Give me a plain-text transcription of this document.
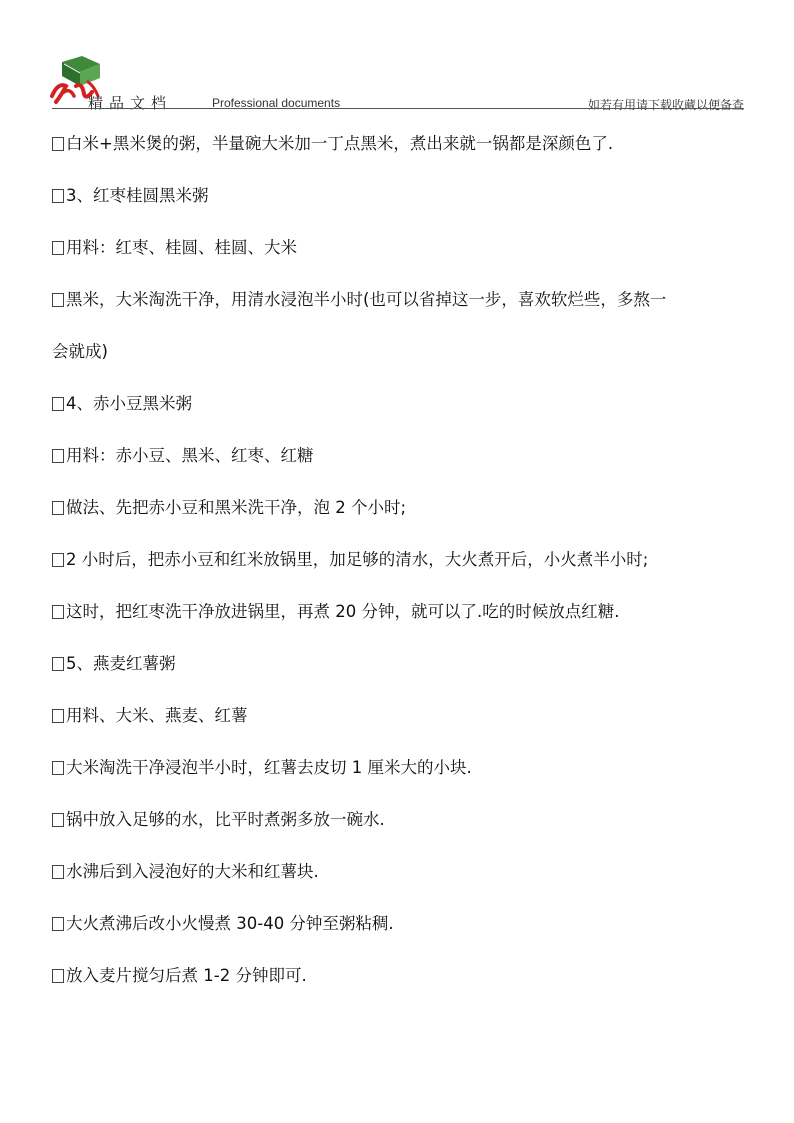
精品文档	Professional documents	如若有用请下载收藏以便备查
白米+黑米煲的粥，半量碗大米加一丁点黑米，煮出来就一锅都是深颜色了.
3、红枣桂圆黑米粥
用料：红枣、桂圆、桂圆、大米
黑米，大米淘洗干净，用清水浸泡半小时(也可以省掉这一步，喜欢软烂些，多熬一
会就成)
4、赤小豆黑米粥
用料：赤小豆、黑米、红枣、红糖
做法、先把赤小豆和黑米洗干净，泡 2 个小时;
2 小时后，把赤小豆和红米放锅里，加足够的清水，大火煮开后，小火煮半小时;
这时，把红枣洗干净放进锅里，再煮 20 分钟，就可以了.吃的时候放点红糖.
5、燕麦红薯粥
用料、大米、燕麦、红薯
大米淘洗干净浸泡半小时，红薯去皮切 1 厘米大的小块.
锅中放入足够的水，比平时煮粥多放一碗水.
水沸后到入浸泡好的大米和红薯块.
大火煮沸后改小火慢煮 30-40 分钟至粥粘稠.
放入麦片搅匀后煮 1-2 分钟即可.
